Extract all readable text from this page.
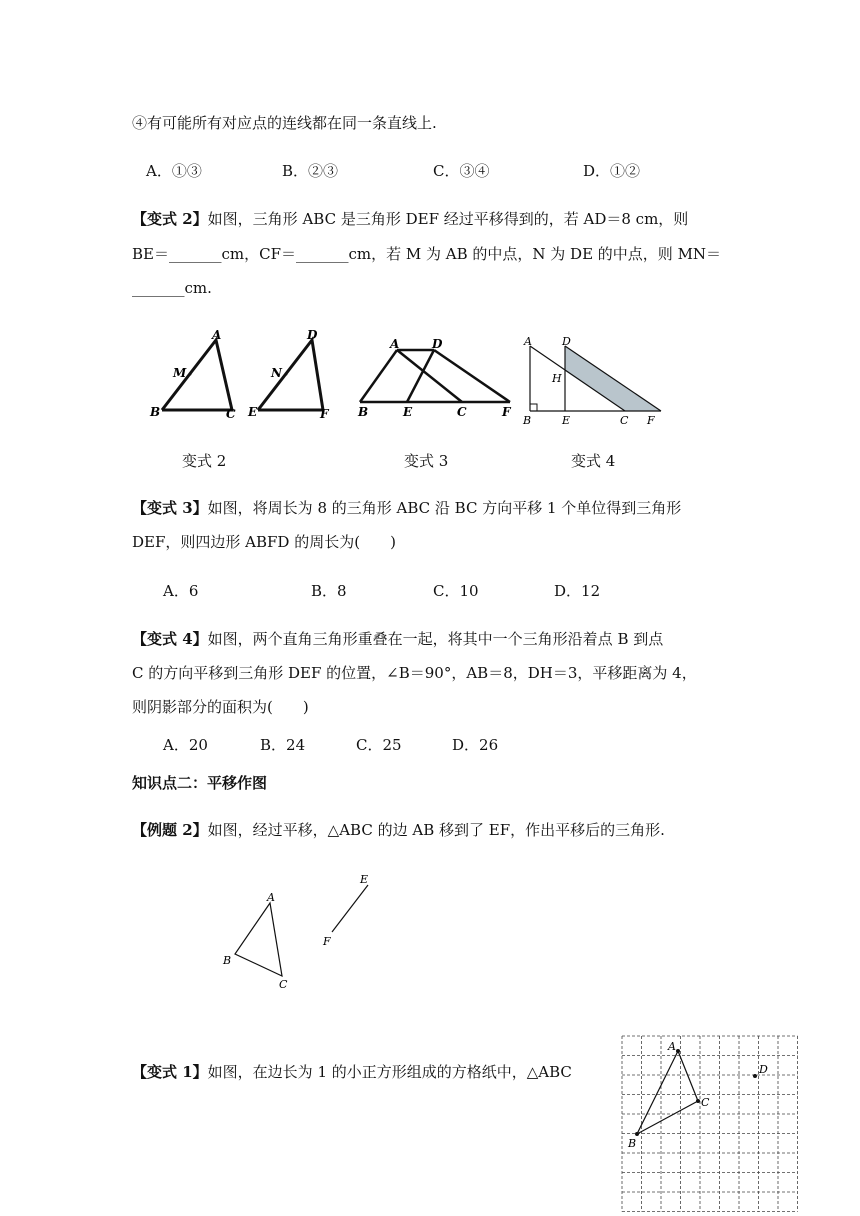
④有可能所有对应点的连线都在同一条直线上.
A．①③	B．②③	C．③④	D．①②
【变式 2】如图，三角形 ABC 是三角形 DEF 经过平移得到的，若 AD＝8 cm，则
BE＝_______cm，CF＝_______cm，若 M 为 AB 的中点，N 为 DE 的中点，则 MN＝
_______cm.
A
M
B	C
D
N
E	F
A	D
B	E	C	F
A	D
H
B	E	C F
变式 2	变式 3	变式 4
【变式 3】如图，将周长为 8 的三角形 ABC 沿 BC 方向平移 1 个单位得到三角形
DEF，则四边形 ABFD 的周长为(　　)
A．6	B．8	C．10	D．12
【变式 4】如图，两个直角三角形重叠在一起，将其中一个三角形沿着点 B 到点
C 的方向平移到三角形 DEF 的位置，∠B＝90°，AB＝8，DH＝3，平移距离为 4，
则阴影部分的面积为(　　)
A．20	B．24	C．25	D．26
知识点二：平移作图
【例题 2】如图，经过平移，△ABC 的边 AB 移到了 EF，作出平移后的三角形.
A
B
C
E
F
【变式 1】如图，在边长为 1 的小正方形组成的方格纸中，△ABC
A
B
C
D
